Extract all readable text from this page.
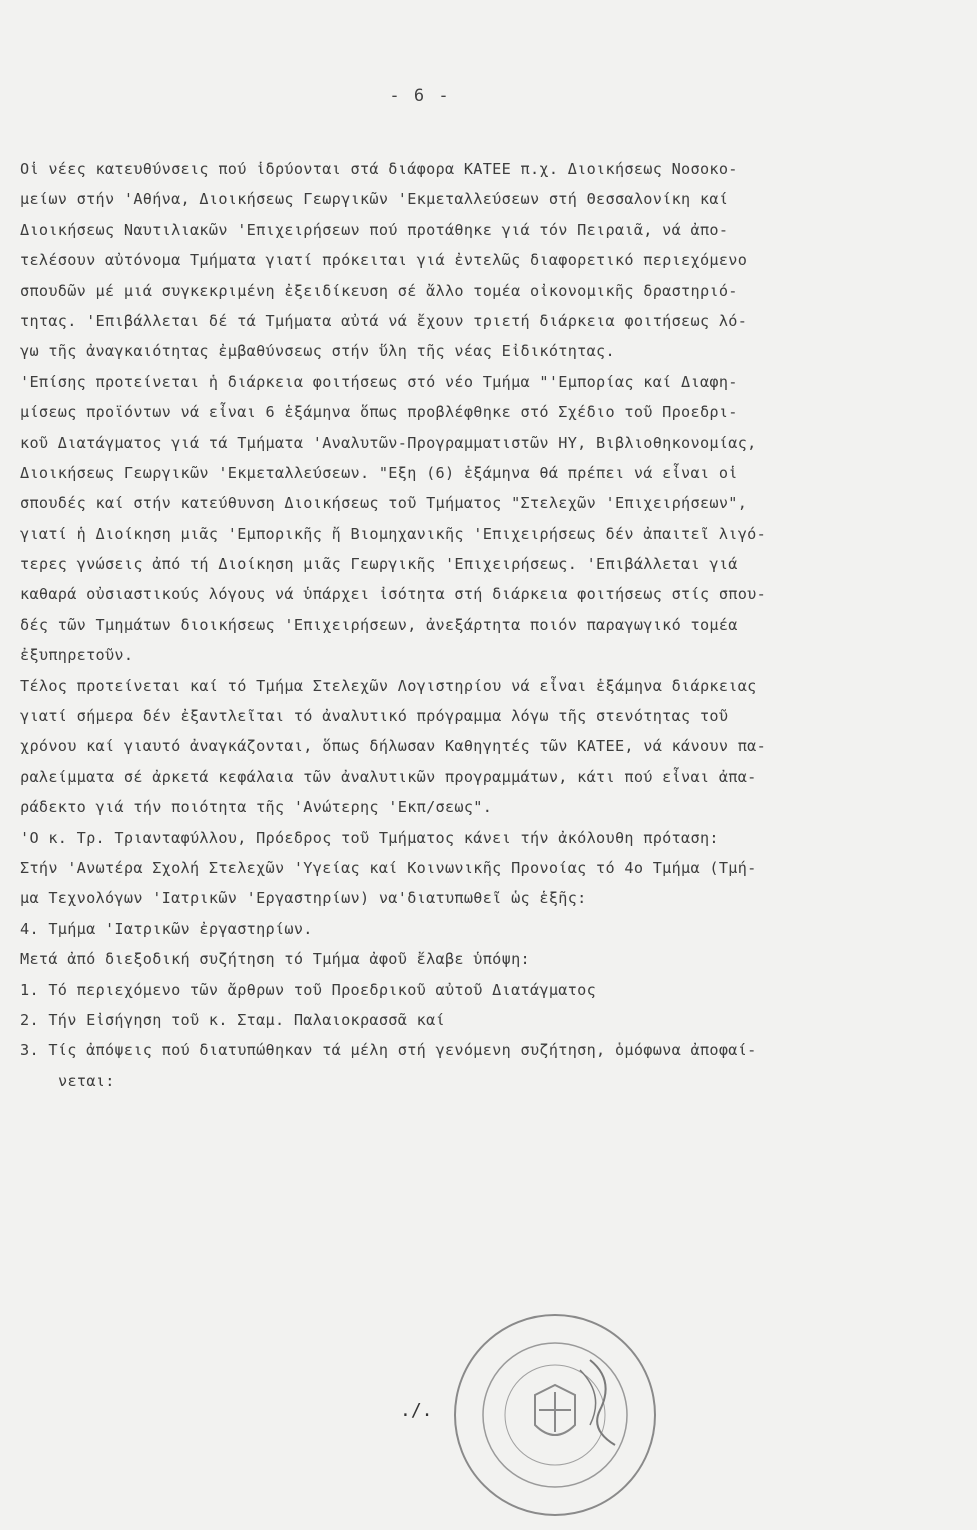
- 6 -
Οἱ νέες κατευθύνσεις πού ἱδρύονται στά διάφορα ΚΑΤΕΕ π.χ. Διοικήσεως Νοσοκο-
μείων στήν 'Αθήνα, Διοικήσεως Γεωργικῶν 'Εκμεταλλεύσεων στή Θεσσαλονίκη καί
Διοικήσεως Ναυτιλιακῶν 'Επιχειρήσεων πού προτάθηκε γιά τόν Πειραιᾶ, νά ἀπο-
τελέσουν αὐτόνομα Τμήματα γιατί πρόκειται γιά ἐντελῶς διαφορετικό περιεχόμενο
σπουδῶν μέ μιά συγκεκριμένη ἐξειδίκευση σέ ἄλλο τομέα οἰκονομικῆς δραστηριό-
τητας. 'Επιβάλλεται δέ τά Τμήματα αὐτά νά ἔχουν τριετή διάρκεια φοιτήσεως λό-
γω τῆς ἀναγκαιότητας ἐμβαθύνσεως στήν ὕλη τῆς νέας Εἰδικότητας.
'Επίσης προτείνεται ἡ διάρκεια φοιτήσεως στό νέο Τμήμα "'Εμπορίας καί Διαφη-
μίσεως προϊόντων νά εἶναι 6 ἑξάμηνα ὅπως προβλέφθηκε στό Σχέδιο τοῦ Προεδρι-
κοῦ Διατάγματος γιά τά Τμήματα 'Αναλυτῶν-Προγραμματιστῶν ΗΥ, Βιβλιοθηκονομίας,
Διοικήσεως Γεωργικῶν 'Εκμεταλλεύσεων. "Εξη (6) ἑξάμηνα θά πρέπει νά εἶναι οἱ
σπουδές καί στήν κατεύθυνση Διοικήσεως τοῦ Τμήματος "Στελεχῶν 'Επιχειρήσεων",
γιατί ἡ Διοίκηση μιᾶς 'Εμπορικῆς ἤ Βιομηχανικῆς 'Επιχειρήσεως δέν ἀπαιτεῖ λιγό-
τερες γνώσεις ἀπό τή Διοίκηση μιᾶς Γεωργικῆς 'Επιχειρήσεως. 'Επιβάλλεται γιά
καθαρά οὐσιαστικούς λόγους νά ὑπάρχει ἰσότητα στή διάρκεια φοιτήσεως στίς σπου-
δές τῶν Τμημάτων διοικήσεως 'Επιχειρήσεων, ἀνεξάρτητα ποιόν παραγωγικό τομέα
ἐξυπηρετοῦν.
Τέλος προτείνεται καί τό Τμήμα Στελεχῶν Λογιστηρίου νά εἶναι ἑξάμηνα διάρκειας
γιατί σήμερα δέν ἐξαντλεῖται τό ἀναλυτικό πρόγραμμα λόγω τῆς στενότητας τοῦ
χρόνου καί γιαυτό ἀναγκάζονται, ὅπως δήλωσαν Καθηγητές τῶν ΚΑΤΕΕ, νά κάνουν πα-
ραλείμματα σέ ἀρκετά κεφάλαια τῶν ἀναλυτικῶν προγραμμάτων, κάτι πού εἶναι ἀπα-
ράδεκτο γιά τήν ποιότητα τῆς 'Ανώτερης 'Εκπ/σεως".
'Ο κ. Τρ. Τριανταφύλλου, Πρόεδρος τοῦ Τμήματος κάνει τήν ἀκόλουθη πρόταση:
Στήν 'Ανωτέρα Σχολή Στελεχῶν 'Υγείας καί Κοινωνικῆς Προνοίας τό 4ο Τμήμα (Τμή-
μα Τεχνολόγων 'Ιατρικῶν 'Εργαστηρίων) να'διατυπωθεῖ ὡς ἑξῆς:
4. Τμήμα 'Ιατρικῶν ἐργαστηρίων.
Μετά ἀπό διεξοδική συζήτηση τό Τμήμα ἀφοῦ ἔλαβε ὑπόψη:
1. Τό περιεχόμενο τῶν ἄρθρων τοῦ Προεδρικοῦ αὐτοῦ Διατάγματος
2. Τήν Εἰσήγηση τοῦ κ. Σταμ. Παλαιοκρασσᾶ καί
3. Τίς ἀπόψεις πού διατυπώθηκαν τά μέλη στή γενόμενη συζήτηση, ὁμόφωνα ἀποφαί-
νεται:
./.
